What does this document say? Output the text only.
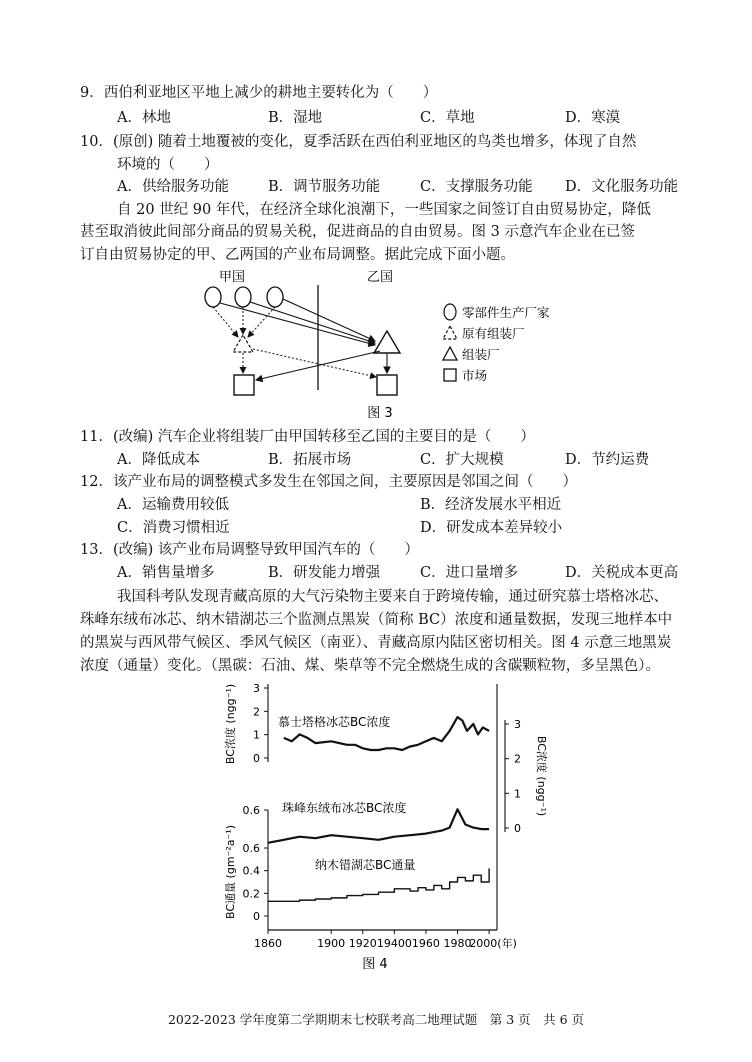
9．西伯利亚地区平地上减少的耕地主要转化为（　　）
A．林地	B．湿地	C．草地	D．寒漠
10．(原创) 随着土地覆被的变化，夏季活跃在西伯利亚地区的鸟类也增多，体现了自然
环境的（　　）
A．供给服务功能	B．调节服务功能	C．支撑服务功能 D．文化服务功能
自 20 世纪 90 年代，在经济全球化浪潮下，一些国家之间签订自由贸易协定，降低
甚至取消彼此间部分商品的贸易关税，促进商品的自由贸易。图 3 示意汽车企业在已签
订自由贸易协定的甲、乙两国的产业布局调整。据此完成下面小题。
甲国	乙国
零部件生产厂家
原有组装厂
组装厂
市场
图 3
11．(改编) 汽车企业将组装厂由甲国转移至乙国的主要目的是（　　）
A．降低成本	B．拓展市场	C．扩大规模	D．节约运费
12．该产业布局的调整模式多发生在邻国之间，主要原因是邻国之间（　　）
A．运输费用较低	B．经济发展水平相近
C．消费习惯相近	D．研发成本差异较小
13．(改编) 该产业布局调整导致甲国汽车的（　　）
A．销售量增多	B．研发能力增强	C．进口量增多	D．关税成本更高
我国科考队发现青藏高原的大气污染物主要来自于跨境传输，通过研究慕士塔格冰芯、
珠峰东绒布冰芯、纳木错湖芯三个监测点黑炭（简称 BC）浓度和通量数据，发现三地样本中
的黑炭与西风带气候区、季风气候区（南亚）、青藏高原内陆区密切相关。图 4 示意三地黑炭
浓度（通量）变化。（黑碳：石油、煤、柴草等不完全燃烧生成的含碳颗粒物，多呈黑色）。
1860	1900 1920 19400 1960 1980
2000(年)
0
1
2
3
0
1
2
3
0
0.2
0.4
0.6
0.6
BC浓度 (ngg⁻¹)
BC通量 (gm⁻²a⁻¹)
BC浓度 (ngg⁻¹)
慕士塔格冰芯BC浓度
珠峰东绒布冰芯BC浓度
纳木错湖芯BC通量
图 4
2022-2023 学年度第二学期期末七校联考高二地理试题　第 3 页　共 6 页
